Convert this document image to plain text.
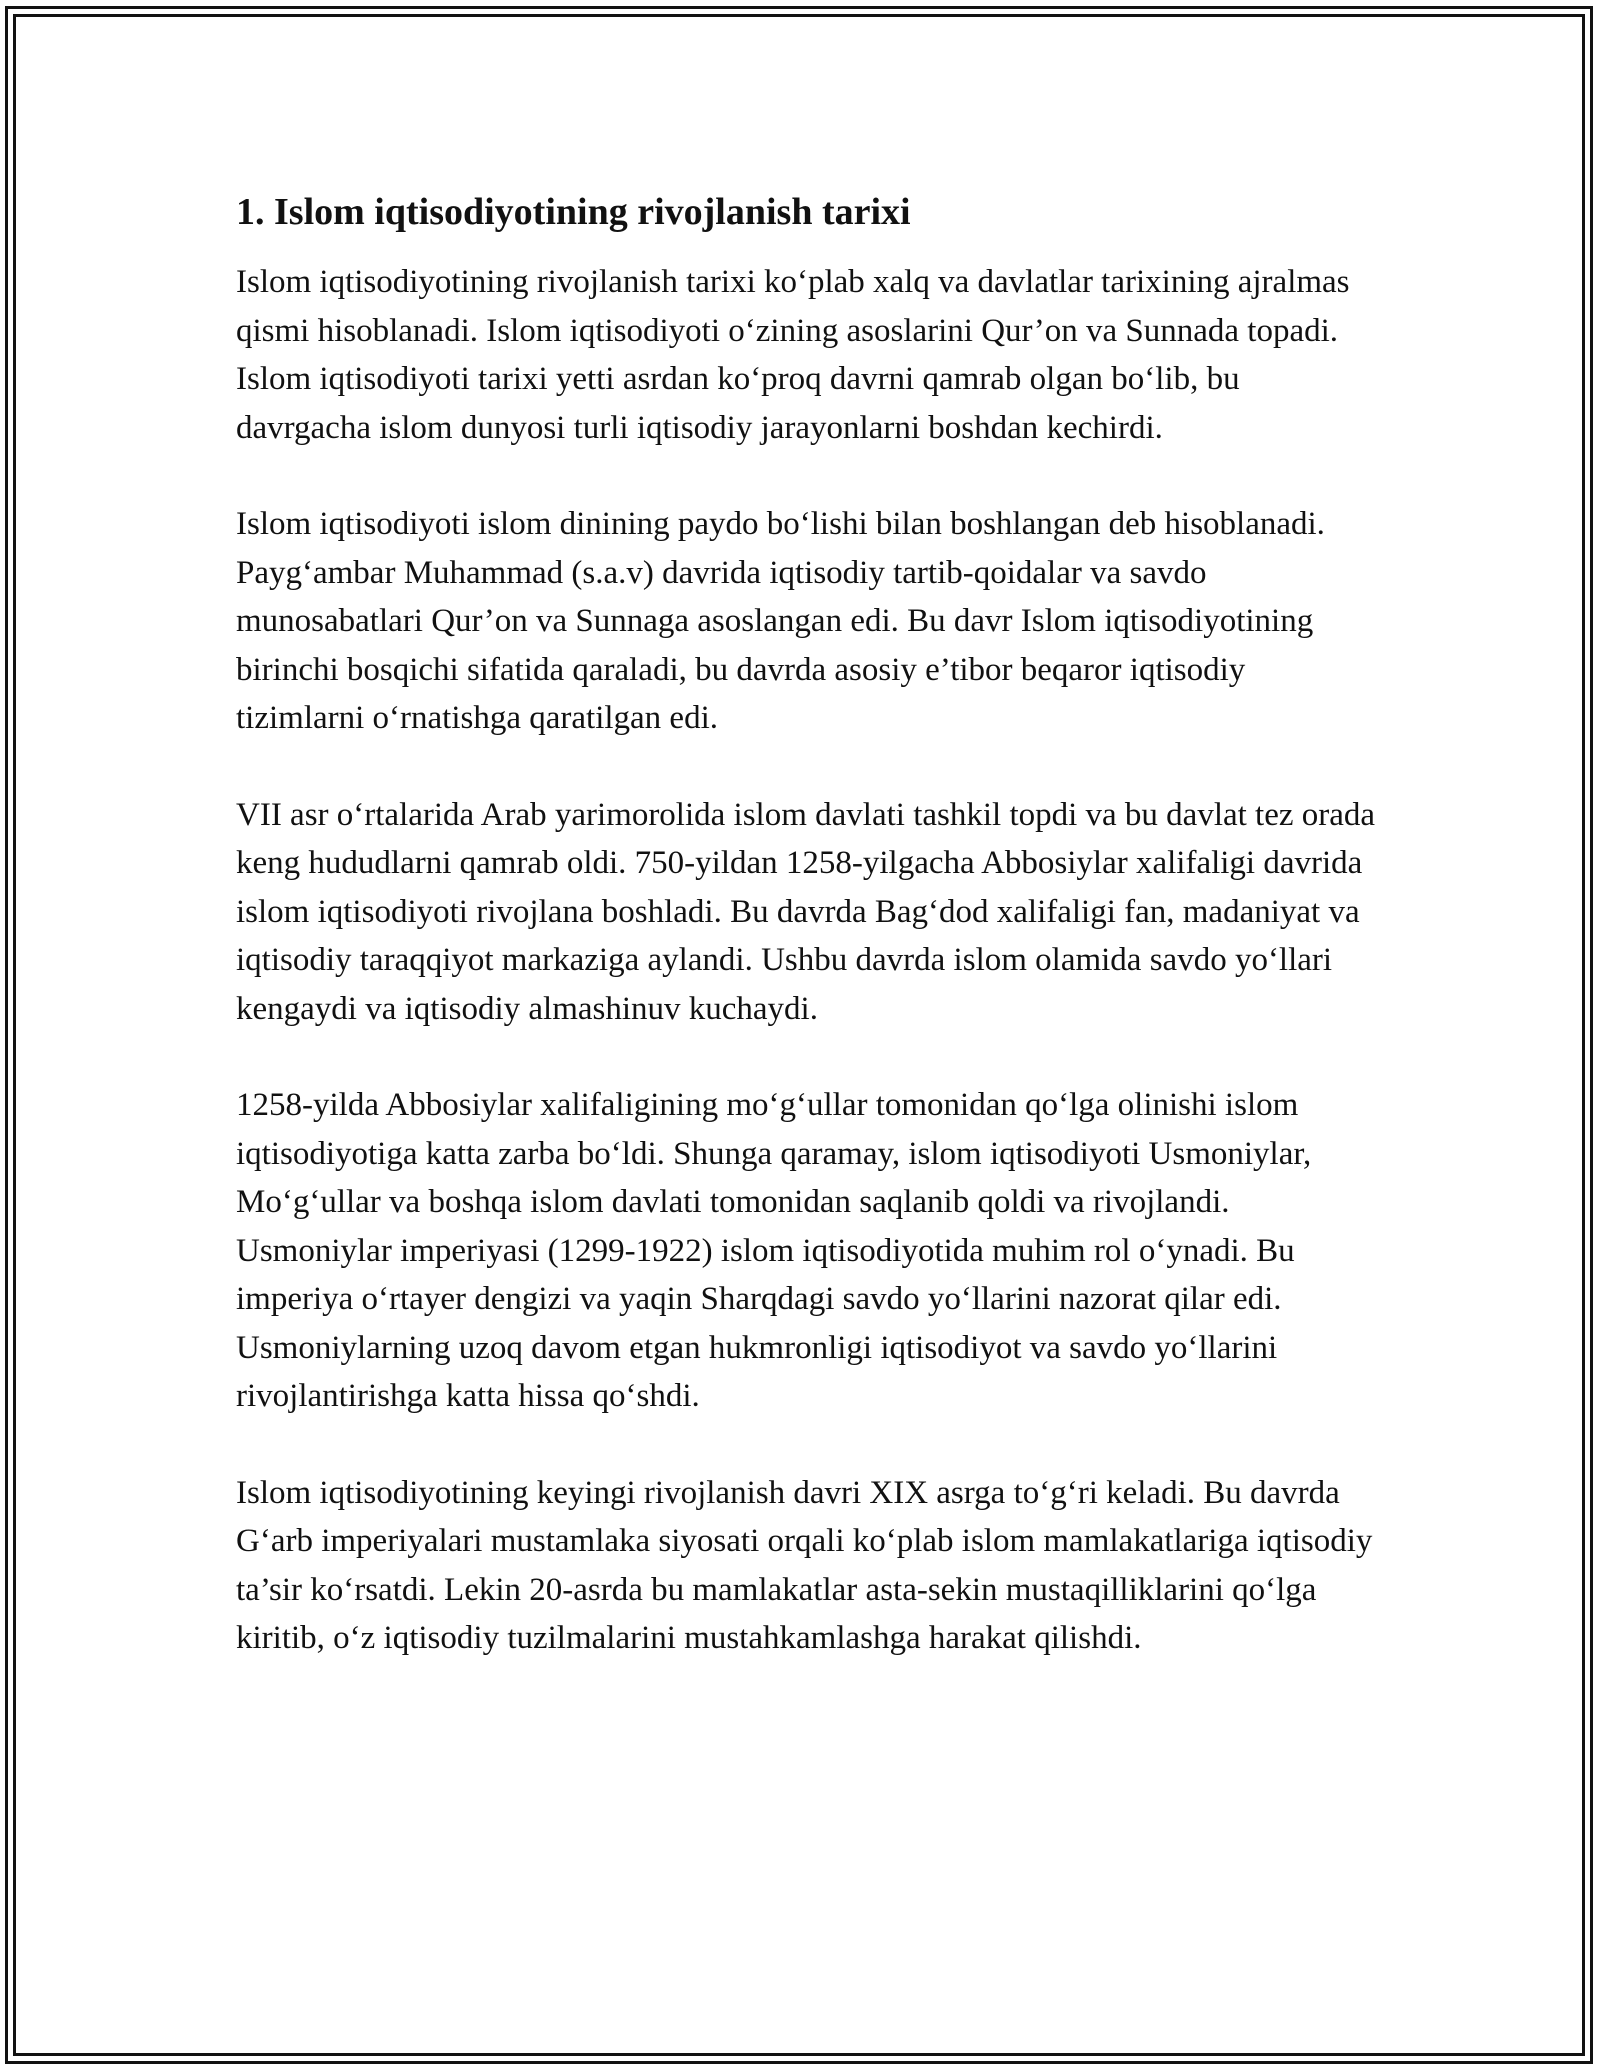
1. Islom iqtisodiyotining rivojlanish tarixi

Islom iqtisodiyotining rivojlanish tarixi koʻplab xalq va davlatlar tarixining ajralmas qismi hisoblanadi. Islom iqtisodiyoti oʻzining asoslarini Qur’on va Sunnada topadi. Islom iqtisodiyoti tarixi yetti asrdan koʻproq davrni qamrab olgan boʻlib, bu davrgacha islom dunyosi turli iqtisodiy jarayonlarni boshdan kechirdi.

Islom iqtisodiyoti islom dinining paydo boʻlishi bilan boshlangan deb hisoblanadi. Paygʻambar Muhammad (s.a.v) davrida iqtisodiy tartib-qoidalar va savdo munosabatlari Qur’on va Sunnaga asoslangan edi. Bu davr Islom iqtisodiyotining birinchi bosqichi sifatida qaraladi, bu davrda asosiy e’tibor beqaror iqtisodiy tizimlarni oʻrnatishga qaratilgan edi.

VII asr oʻrtalarida Arab yarimorolida islom davlati tashkil topdi va bu davlat tez orada keng hududlarni qamrab oldi. 750-yildan 1258-yilgacha Abbosiylar xalifaligi davrida islom iqtisodiyoti rivojlana boshladi. Bu davrda Bagʻdod xalifaligi fan, madaniyat va iqtisodiy taraqqiyot markaziga aylandi. Ushbu davrda islom olamida savdo yoʻllari kengaydi va iqtisodiy almashinuv kuchaydi.

1258-yilda Abbosiylar xalifaligining moʻgʻullar tomonidan qoʻlga olinishi islom iqtisodiyotiga katta zarba boʻldi. Shunga qaramay, islom iqtisodiyoti Usmoniylar, Moʻgʻullar va boshqa islom davlati tomonidan saqlanib qoldi va rivojlandi. Usmoniylar imperiyasi (1299-1922) islom iqtisodiyotida muhim rol oʻynadi. Bu imperiya oʻrtayer dengizi va yaqin Sharqdagi savdo yoʻllarini nazorat qilar edi. Usmoniylarning uzoq davom etgan hukmronligi iqtisodiyot va savdo yoʻllarini rivojlantirishga katta hissa qoʻshdi.

Islom iqtisodiyotining keyingi rivojlanish davri XIX asrga toʻgʻri keladi. Bu davrda Gʻarb imperiyalari mustamlaka siyosati orqali koʻplab islom mamlakatlariga iqtisodiy ta’sir koʻrsatdi. Lekin 20-asrda bu mamlakatlar asta-sekin mustaqilliklarini qoʻlga kiritib, oʻz iqtisodiy tuzilmalarini mustahkamlashga harakat qilishdi.
